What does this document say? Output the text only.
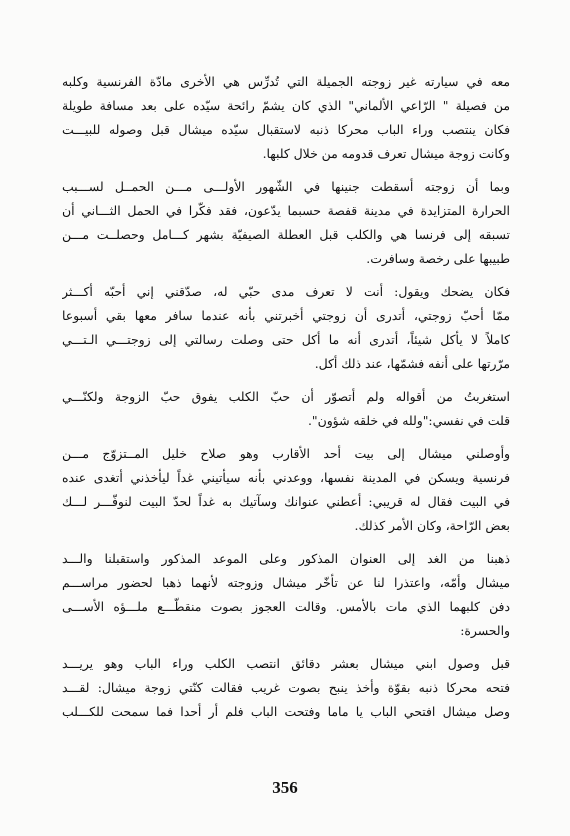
معه في سيارته غير زوجته الجميلة التي تُدرِّس هي الأخرى مادّة الفرنسية وكلبه
من فصيلة " الرّاعي الألماني" الذي كان يشمّ رائحة سيّده على بعد مسافة طويلة
فكان ينتصب وراء الباب محركا ذنبه لاستقبال سيّده ميشال قبل وصوله للبيـــت
وكانت زوجة ميشال تعرف قدومه من خلال كلبها.
وبما أن زوجته أسقطت جنينها في الشّهور الأولـــى مـــن الحمــل لســـبب
الحرارة المتزايدة في مدينة قفصة حسبما يدّعون، فقد فكّرا في الحمل الثـــاني أن
تسبقه إلى فرنسا هي والكلب قبل العطلة الصيفيّة بشهر كـــامل وحصلــت مـــن
طبيبها على رخصة وسافرت.
فكان يضحك ويقول: أنت لا تعرف مدى حبّي له، صدّقني إني أحبّه أكـــثر
ممّا أحبّ زوجتي، أتدرى أن زوجتي أخبرتني بأنه عندما سافر معها بقي أسبوعا
كاملاً لا يأكل شيئاً، أتدرى أنه ما أكل حتى وصلت رسالتي إلى زوجتـــي الـتـــي
مرّرتها على أنفه فشمّها، عند ذلك أكل.
استغربتُ من أقواله ولم أتصوّر أن حبّ الكلب يفوق حبّ الزوجة ولكنّـــي
قلت في نفسي:"ولله في خلقه شؤون".
وأوصلني ميشال إلى بيت أحد الأقارب وهو صلاح خليل المــتزوّج مـــن
فرنسية ويسكن في المدينة نفسها، ووعدني بأنه سيأتيني غداً ليأخذني أتغدى عنده
في البيت فقال له قريبي: أعطني عنوانك وسآتيك به غداً لحدّ البيت لنوفّـــر لـــك
بعض الرّاحة، وكان الأمر كذلك.
ذهبنا من الغد إلى العنوان المذكور وعلى الموعد المذكور واستقبلنا والـــد
ميشال وأمّه، واعتذرا لنا عن تأخّر ميشال وزوجته لأنهما ذهبا لحضور مراســـم
دفن كلبهما الذي مات بالأمس. وقالت العجوز بصوت منقطّـــع ملـــؤه الأســـى
والحسرة:
قبل وصول ابني ميشال بعشر دقائق انتصب الكلب وراء الباب وهو يريـــد
فتحه محركا ذنبه بقوّة وأخذ ينبح بصوت غريب فقالت كنّتي زوجة ميشال: لقـــد
وصل ميشال افتحي الباب يا ماما وفتحت الباب فلم أر أحدا فما سمحت للكـــلب
356
